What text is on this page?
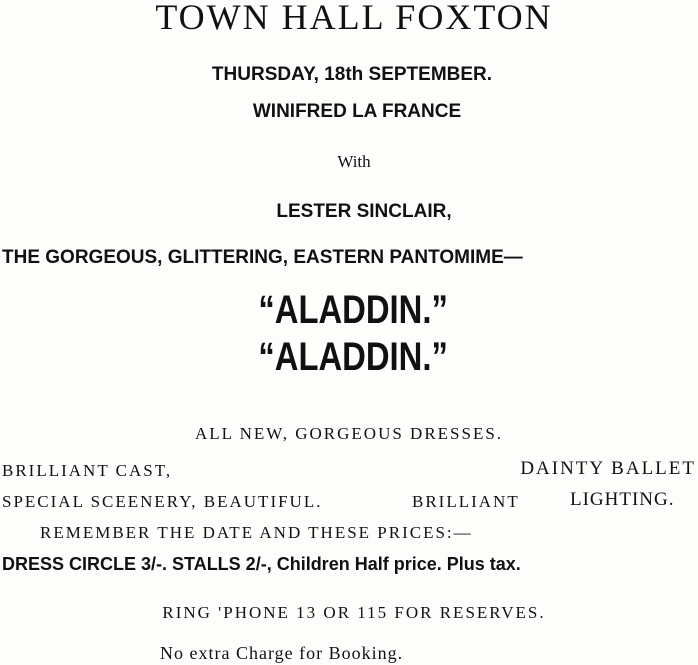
TOWN HALL FOXTON
THURSDAY, 18th SEPTEMBER.
WINIFRED LA FRANCE
With
LESTER SINCLAIR,
THE GORGEOUS, GLITTERING, EASTERN PANTOMIME—
“ALADDIN.”
“ALADDIN.”
ALL NEW, GORGEOUS DRESSES.
BRILLIANT CAST,	DAINTY BALLET
SPECIAL SCEENERY, BEAUTIFUL.	BRILLIANT	LIGHTING.
REMEMBER THE DATE AND THESE PRICES:—
DRESS CIRCLE 3/-. STALLS 2/-, Children Half price. Plus tax.
RING 'PHONE 13 OR 115 FOR RESERVES.
No extra Charge for Booking.
